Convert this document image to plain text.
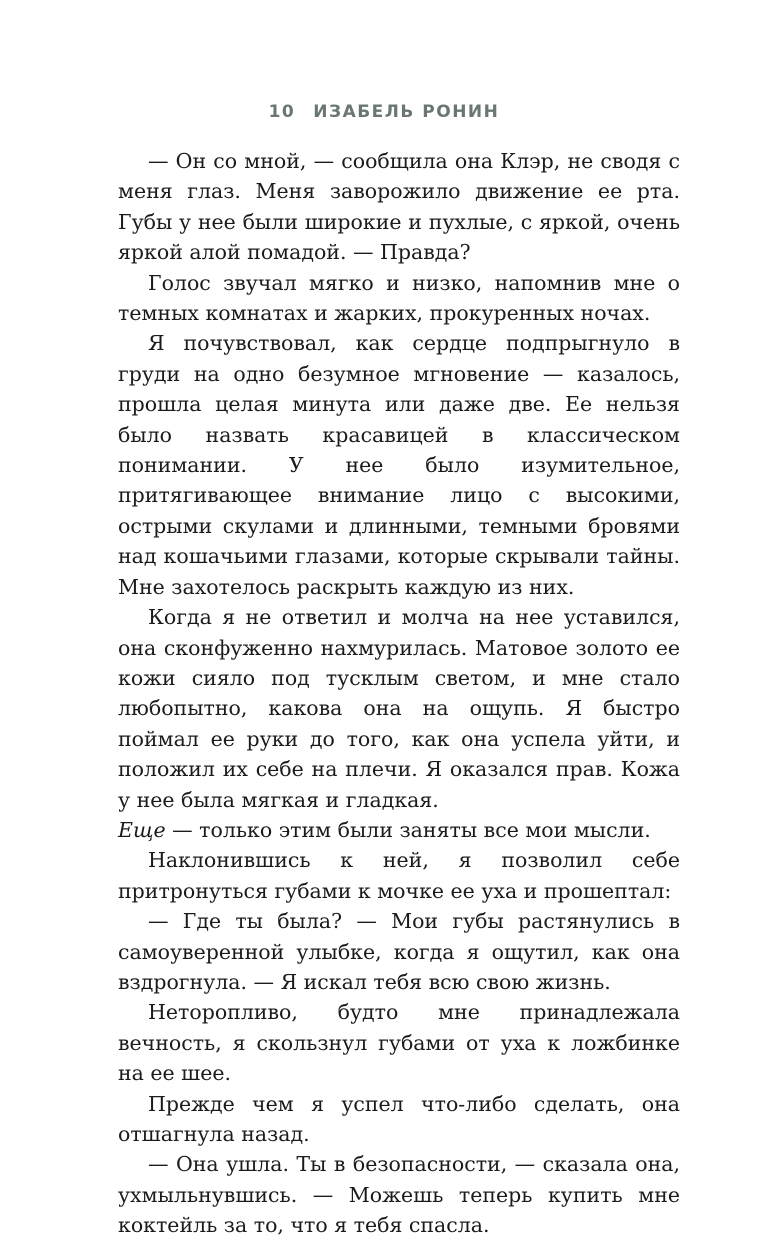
10 ИЗАБЕЛЬ РОНИН

— Он со мной, — сообщила она Клэр, не сводя с меня глаз. Меня заворожило движение ее рта. Губы у нее были широкие и пухлые, с яркой, очень яркой алой помадой. — Правда?

Голос звучал мягко и низко, напомнив мне о темных комнатах и жарких, прокуренных ночах.

Я почувствовал, как сердце подпрыгнуло в груди на одно безумное мгновение — казалось, прошла целая минута или даже две. Ее нельзя было назвать красавицей в классическом понимании. У нее было изумительное, притягивающее внимание лицо с высокими, острыми скулами и длинными, темными бровями над кошачьими глазами, которые скрывали тайны. Мне захотелось раскрыть каждую из них.

Когда я не ответил и молча на нее уставился, она сконфуженно нахмурилась. Матовое золото ее кожи сияло под тусклым светом, и мне стало любопытно, какова она на ощупь. Я быстро поймал ее руки до того, как она успела уйти, и положил их себе на плечи. Я оказался прав. Кожа у нее была мягкая и гладкая.

Еще — только этим были заняты все мои мысли.

Наклонившись к ней, я позволил себе притронуться губами к мочке ее уха и прошептал:

— Где ты была? — Мои губы растянулись в самоуверенной улыбке, когда я ощутил, как она вздрогнула. — Я искал тебя всю свою жизнь.

Неторопливо, будто мне принадлежала вечность, я скользнул губами от уха к ложбинке на ее шее.

Прежде чем я успел что-либо сделать, она отшагнула назад.

— Она ушла. Ты в безопасности, — сказала она, ухмыльнувшись. — Можешь теперь купить мне коктейль за то, что я тебя спасла.
